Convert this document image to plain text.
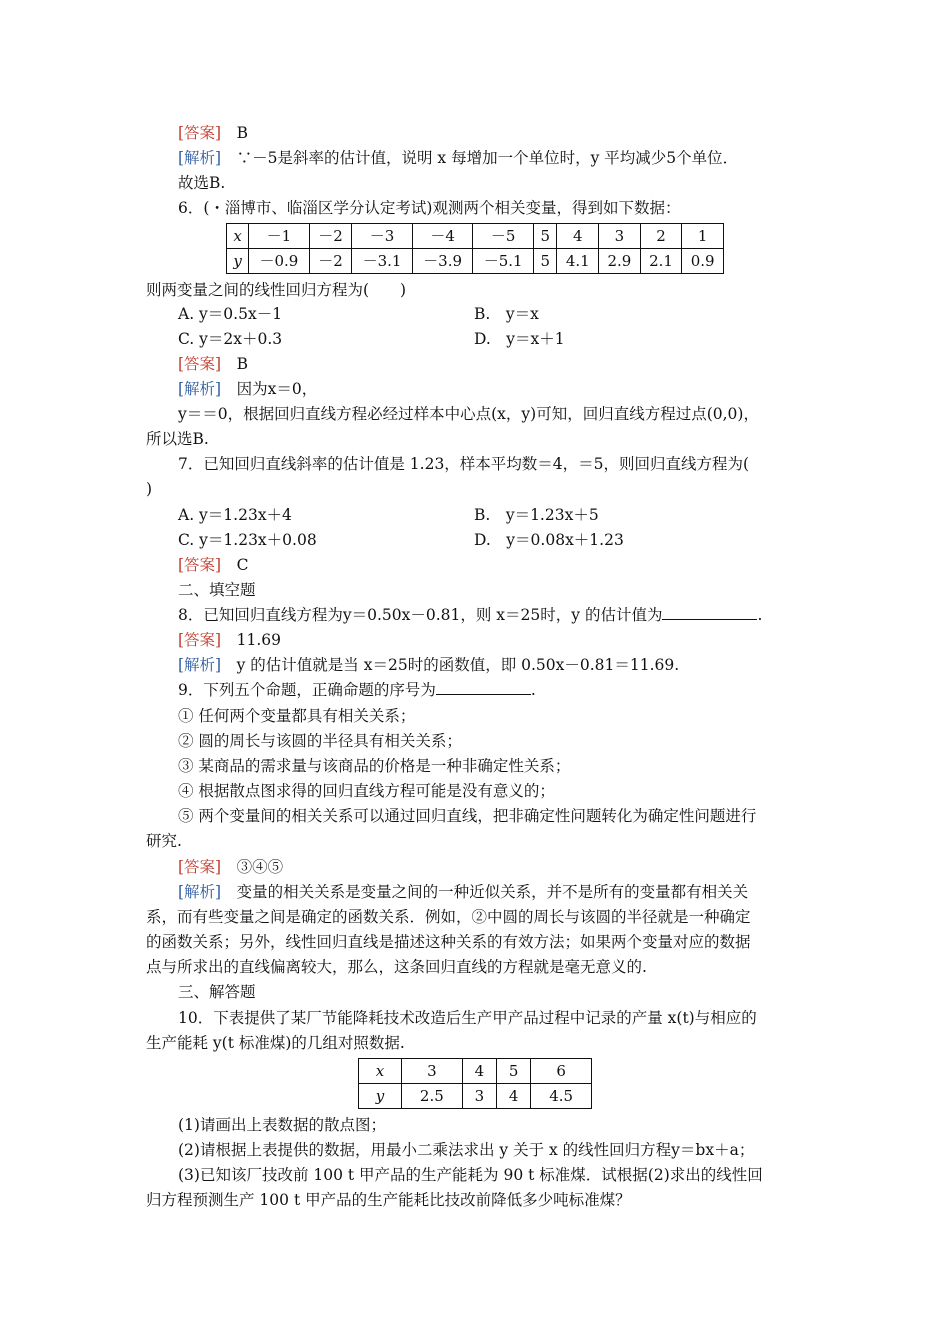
[答案]　 B
[解析]　 ∵－5是斜率的估计值，说明 x 每增加一个单位时，y 平均减少5个单位．
故选B.
6．(・淄博市、临淄区学分认定考试)观测两个相关变量，得到如下数据：
x	－1	－2	－3	－4	－5	5	4	3	2	1
y	－0.9	－2	－3.1	－3.9	－5.1	5	4.1	2.9	2.1	0.9
则两变量之间的线性回归方程为(　　)
A. y＝0.5x－1	B.　y＝x
C. y＝2x＋0.3	D.　y＝x＋1
[答案]　 B
[解析]　 因为x＝0，
y＝＝0，根据回归直线方程必经过样本中心点(x，y)可知，回归直线方程过点(0,0)，
所以选B.
7．已知回归直线斜率的估计值是 1.23，样本平均数＝4，＝5，则回归直线方程为(
)
A. y＝1.23x＋4	B.　y＝1.23x＋5
C. y＝1.23x＋0.08	D.　y＝0.08x＋1.23
[答案]　 C
二、填空题
8．已知回归直线方程为y＝0.50x－0.81，则 x＝25时，y 的估计值为	.
[答案]　 11.69
[解析]　 y 的估计值就是当 x＝25时的函数值，即 0.50x－0.81＝11.69.
9．下列五个命题，正确命题的序号为	.
① 任何两个变量都具有相关关系；
② 圆的周长与该圆的半径具有相关关系；
③ 某商品的需求量与该商品的价格是一种非确定性关系；
④ 根据散点图求得的回归直线方程可能是没有意义的；
⑤ 两个变量间的相关关系可以通过回归直线，把非确定性问题转化为确定性问题进行
研究.
[答案]　 ③④⑤
[解析]　 变量的相关关系是变量之间的一种近似关系，并不是所有的变量都有相关关
系，而有些变量之间是确定的函数关系．例如，②中圆的周长与该圆的半径就是一种确定
的函数关系；另外，线性回归直线是描述这种关系的有效方法；如果两个变量对应的数据
点与所求出的直线偏离较大，那么，这条回归直线的方程就是毫无意义的.
三、解答题
10．下表提供了某厂节能降耗技术改造后生产甲产品过程中记录的产量 x(t)与相应的
生产能耗 y(t 标准煤)的几组对照数据.
x	3	4	5	6
y	2.5	3	4	4.5
(1)请画出上表数据的散点图；
(2)请根据上表提供的数据，用最小二乘法求出 y 关于 x 的线性回归方程y＝bx＋a；
(3)已知该厂技改前 100 t 甲产品的生产能耗为 90 t 标准煤．试根据(2)求出的线性回
归方程预测生产 100 t 甲产品的生产能耗比技改前降低多少吨标准煤？
